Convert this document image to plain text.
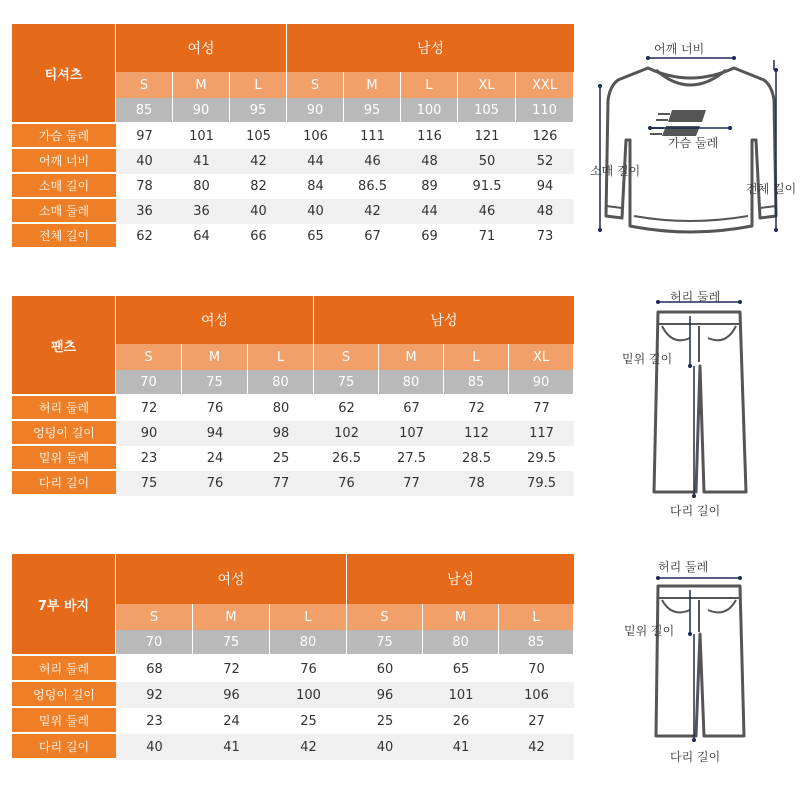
티셔츠	여성			남성				
	S	M	L	S	M	L	XL	XXL
	85	90	95	90	95	100	105	110
가슴 둘레	97	101	105	106	111	116	121	126
어깨 너비	40	41	42	44	46	48	50	52
소매 길이	78	80	82	84	86.5	89	91.5	94
소매 둘레	36	36	40	40	42	44	46	48
전체 길이	62	64	66	65	67	69	71	73
팬츠	여성			남성			
	S	M	L	S	M	L	XL
	70	75	80	75	80	85	90
허리 둘레	72	76	80	62	67	72	77
엉덩이 길이	90	94	98	102	107	112	117
밑위 둘레	23	24	25	26.5	27.5	28.5	29.5
다리 길이	75	76	77	76	77	78	79.5
7부 바지	여성			남성		
	S	M	L	S	M	L
	70	75	80	75	80	85
허리 둘레	68	72	76	60	65	70
엉덩이 길이	92	96	100	96	101	106
밑위 둘레	23	24	25	25	26	27
다리 길이	40	41	42	40	41	42
어깨 너비
가슴 둘레
소매 길이
전체 길이
허리 둘레
밑위 길이
다리 길이
허리 둘레
밑위 길이
다리 길이
